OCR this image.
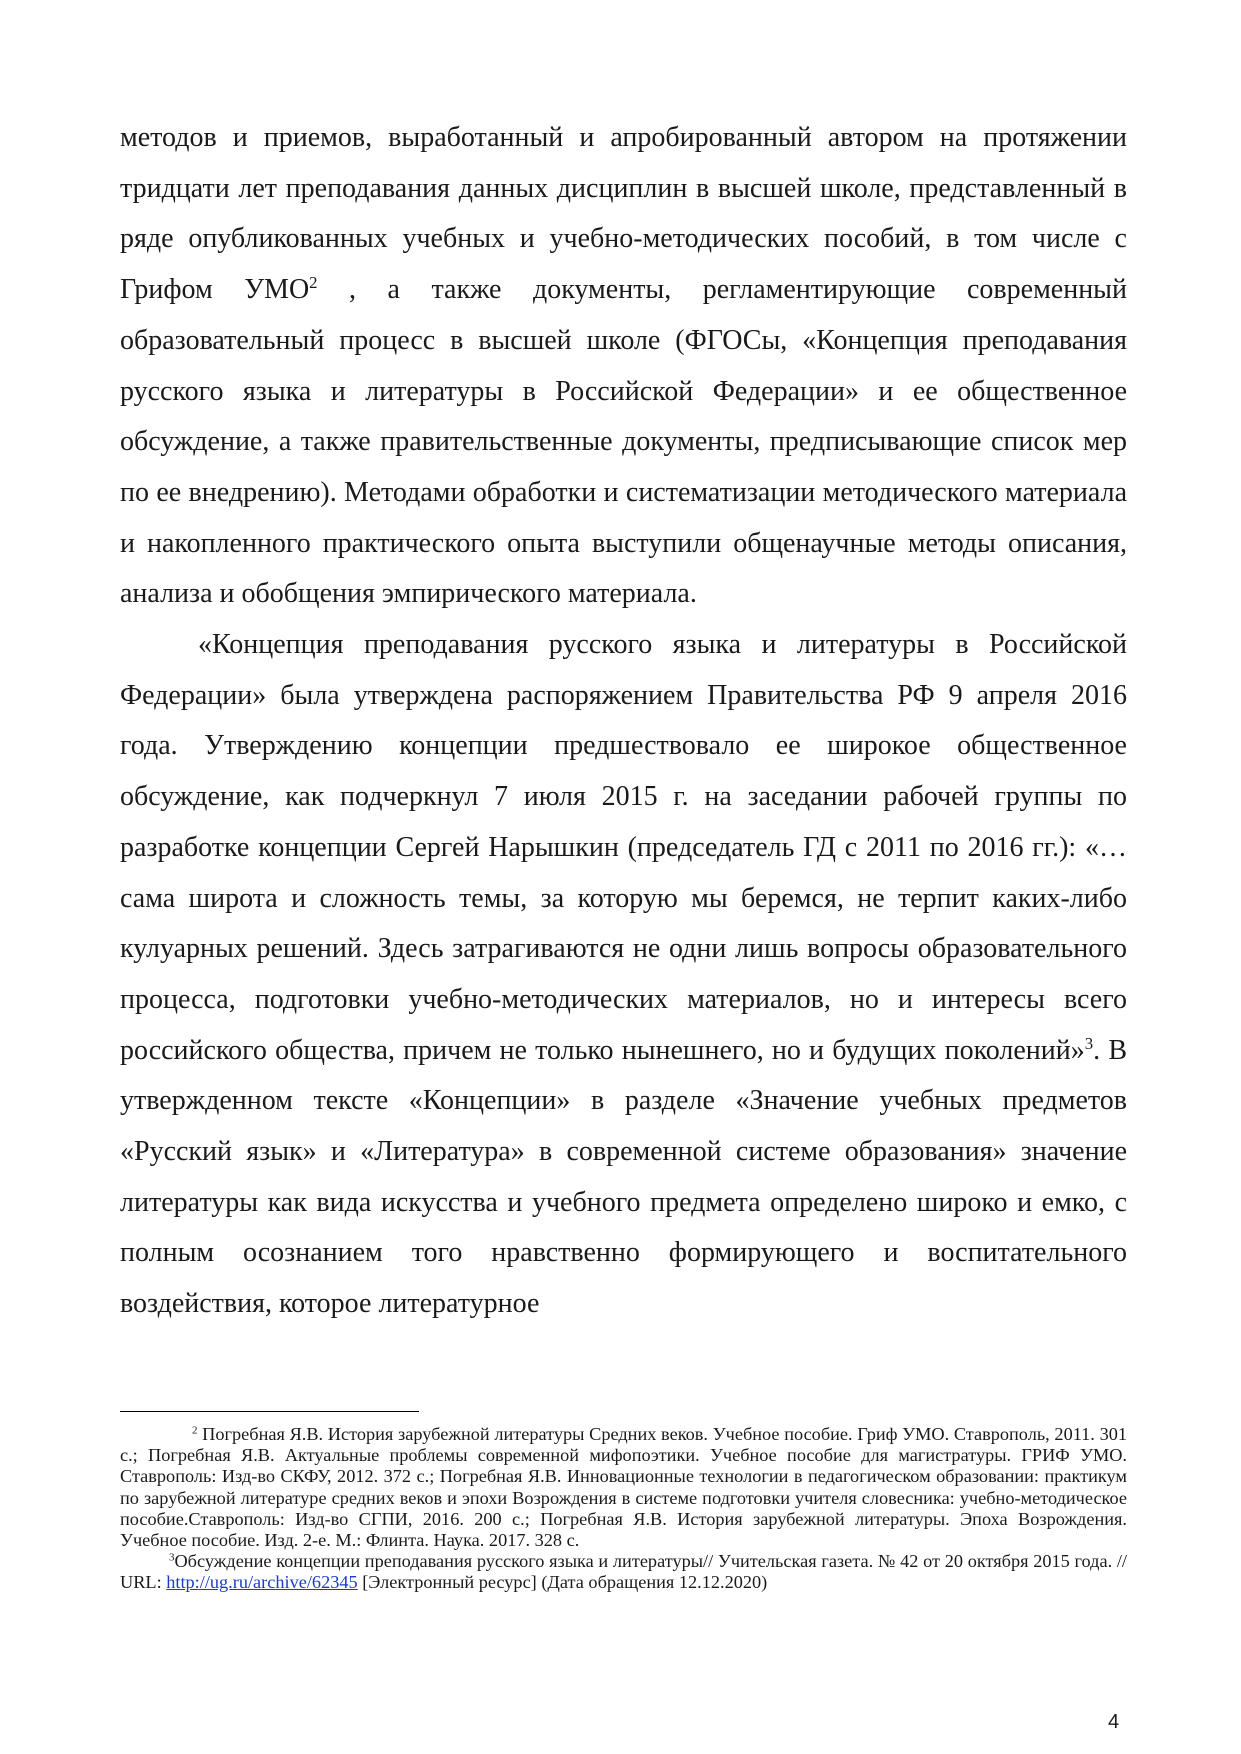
методов и приемов, выработанный и апробированный автором на протяжении тридцати лет преподавания данных дисциплин в высшей школе, представленный в ряде опубликованных учебных и учебно-методических пособий, в том числе с Грифом УМО$^2$ , а также документы, регламентирующие современный образовательный процесс в высшей школе (ФГОСы, «Концепция преподавания русского языка и литературы в Российской Федерации» и ее общественное обсуждение, а также правительственные документы, предписывающие список мер по ее внедрению). Методами обработки и систематизации методического материала и накопленного практического опыта выступили общенаучные методы описания, анализа и обобщения эмпирического материала.

«Концепция преподавания русского языка и литературы в Российской Федерации» была утверждена распоряжением Правительства РФ 9 апреля 2016 года. Утверждению концепции предшествовало ее широкое общественное обсуждение, как подчеркнул 7 июля 2015 г. на заседании рабочей группы по разработке концепции Сергей Нарышкин (председатель ГД с 2011 по 2016 гг.): «…сама широта и сложность темы, за которую мы беремся, не терпит каких-либо кулуарных решений. Здесь затрагиваются не одни лишь вопросы образовательного процесса, подготовки учебно-методических материалов, но и интересы всего российского общества, причем не только нынешнего, но и будущих поколений»$^3$. В утвержденном тексте «Концепции» в разделе «Значение учебных предметов «Русский язык» и «Литература» в современной системе образования» значение литературы как вида искусства и учебного предмета определено широко и емко, с полным осознанием того нравственно формирующего и воспитательного воздействия, которое литературное

$^2$ Погребная Я.В. История зарубежной литературы Средних веков. Учебное пособие. Гриф УМО. Ставрополь, 2011. 301 с.; Погребная Я.В. Актуальные проблемы современной мифопоэтики. Учебное пособие для магистратуры. ГРИФ УМО. Ставрополь: Изд-во СКФУ, 2012. 372 с.; Погребная Я.В. Инновационные технологии в педагогическом образовании: практикум по зарубежной литературе средних веков и эпохи Возрождения в системе подготовки учителя словесника: учебно-методическое пособие.Ставрополь: Изд-во СГПИ, 2016. 200 с.; Погребная Я.В. История зарубежной литературы. Эпоха Возрождения. Учебное пособие. Изд. 2-е. М.: Флинта. Наука. 2017. 328 с.

$^3$Обсуждение концепции преподавания русского языка и литературы// Учительская газета. № 42 от 20 октября 2015 года. // URL: http://ug.ru/archive/62345 [Электронный ресурс] (Дата обращения 12.12.2020)

4
